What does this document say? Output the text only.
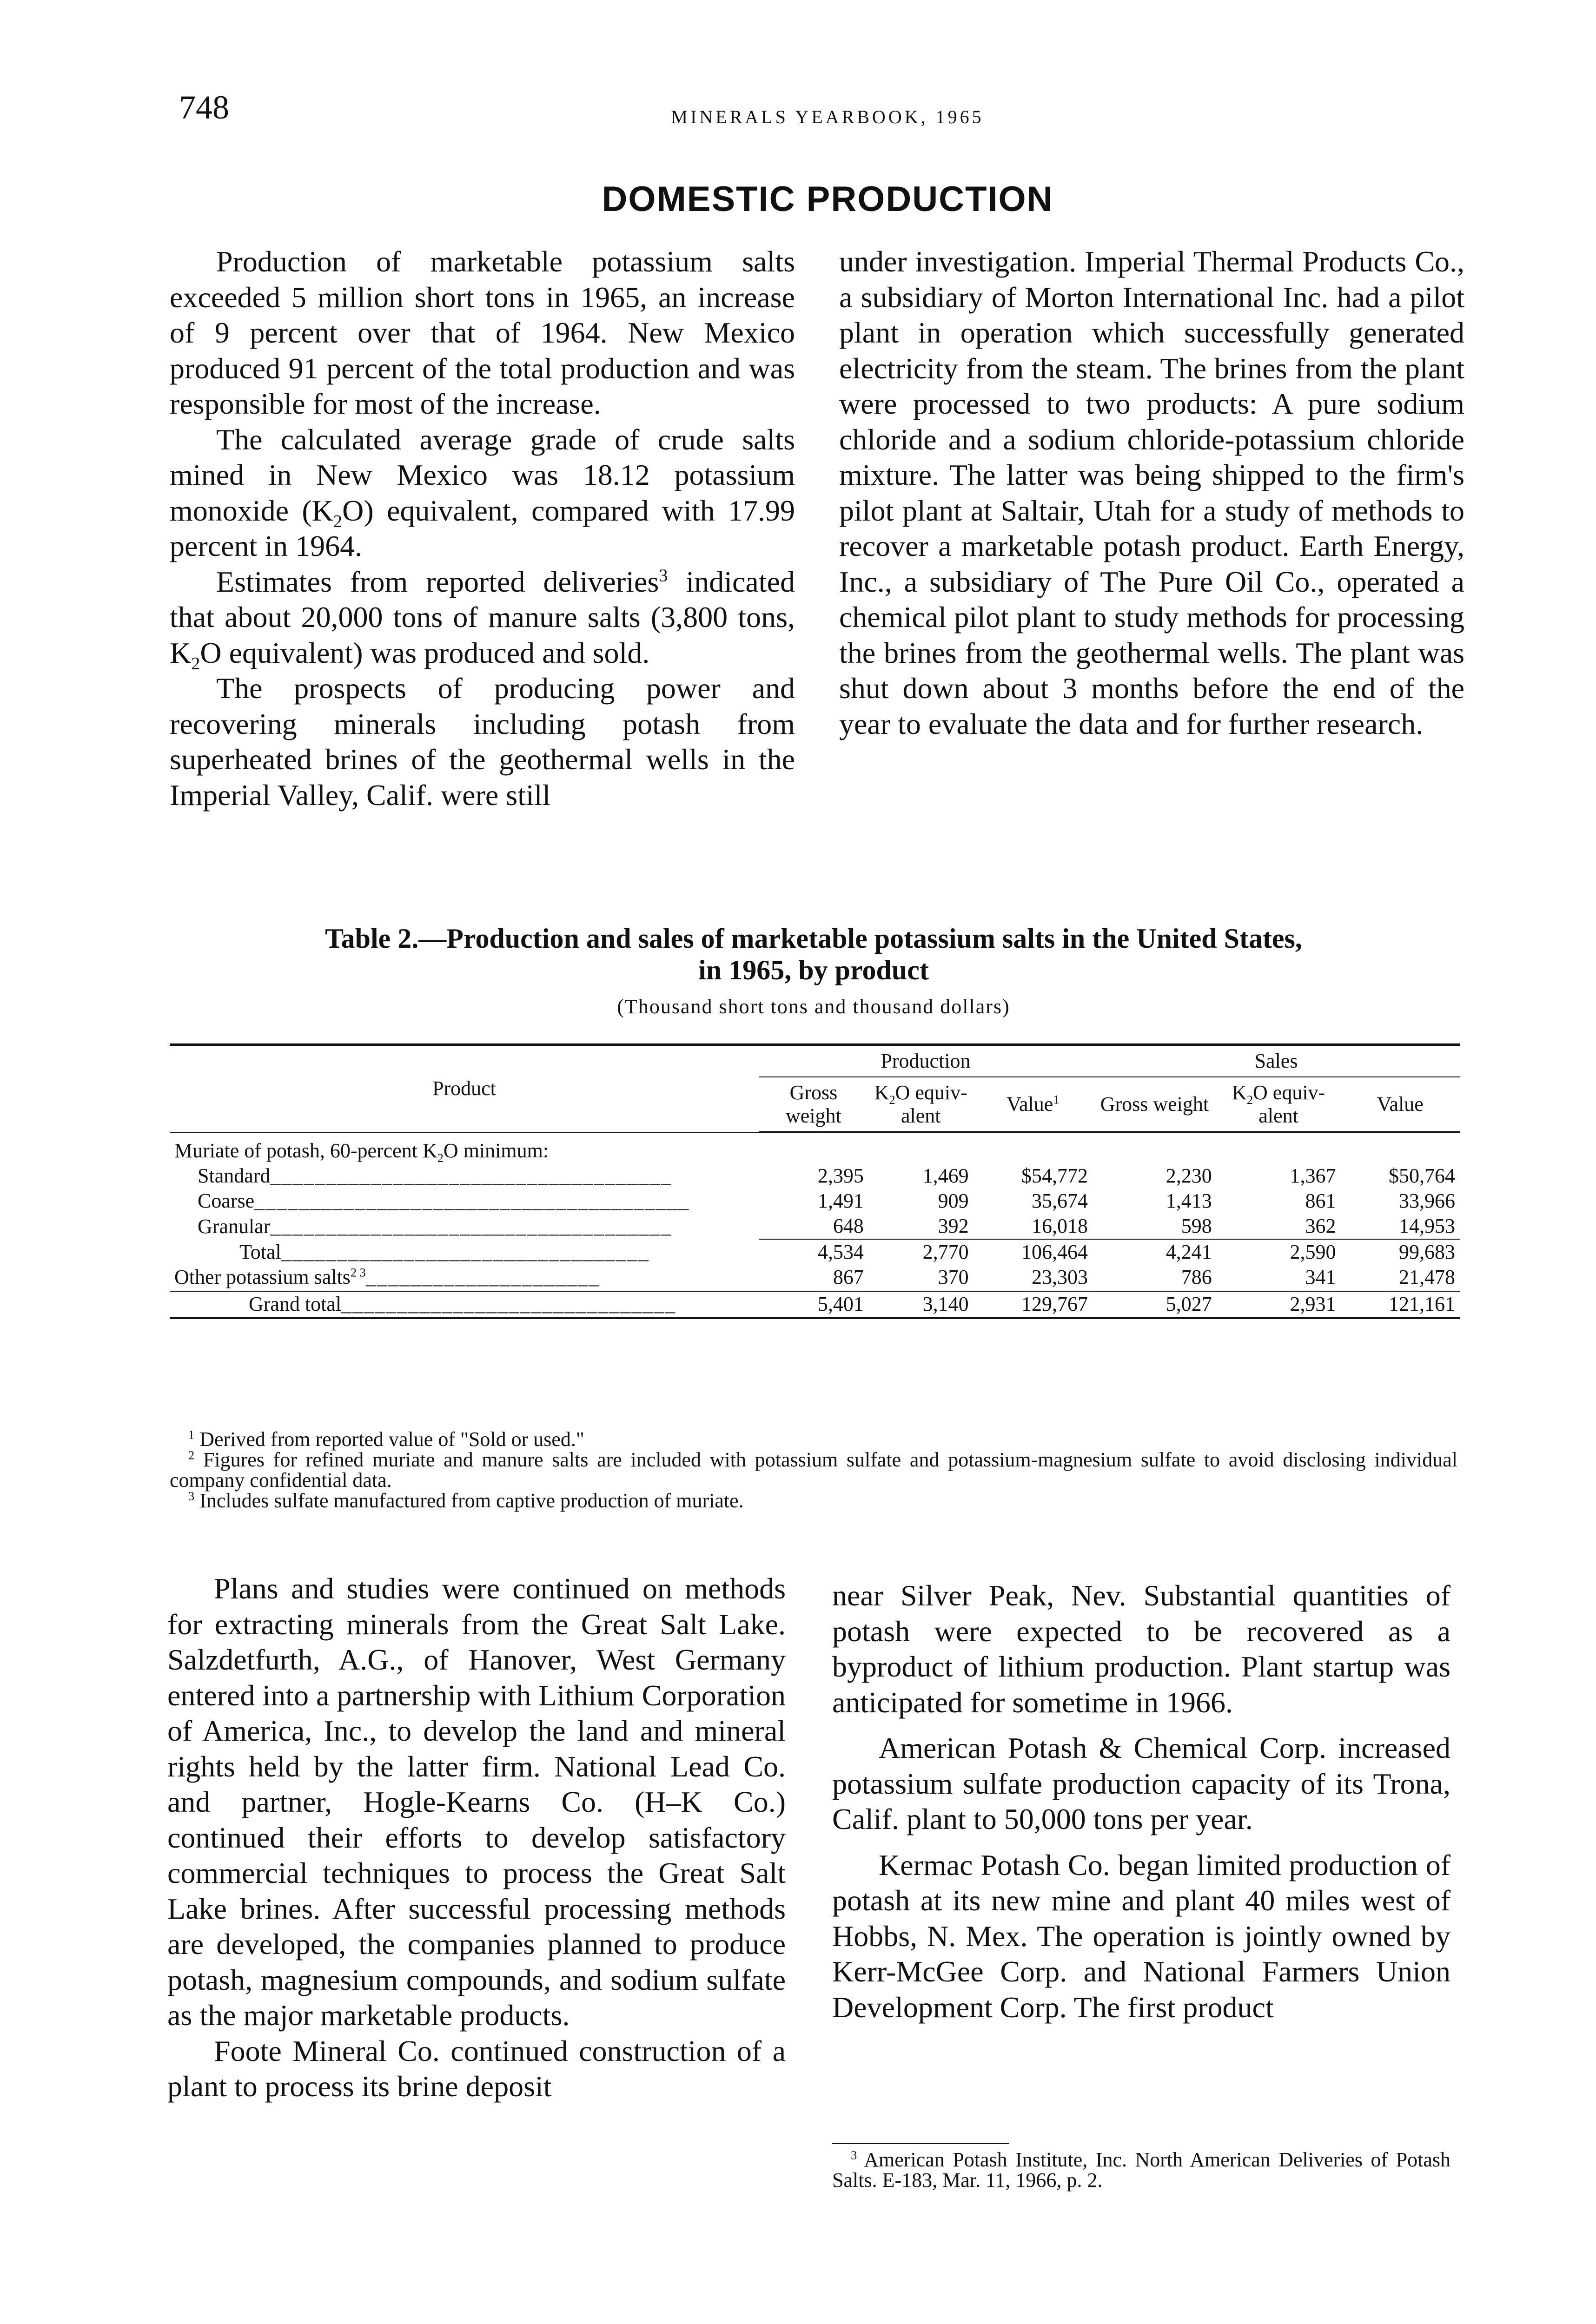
748	MINERALS YEARBOOK, 1965
DOMESTIC PRODUCTION

Production of marketable potassium salts exceeded 5 million short tons in 1965, an increase of 9 percent over that of 1964. New Mexico produced 91 percent of the total production and was responsible for most of the increase.

The calculated average grade of crude salts mined in New Mexico was 18.12 potassium monoxide $(K_2O)$ equivalent, compared with 17.99 percent in 1964.

Estimates from reported deliveries$^3$ indicated that about 20,000 tons of manure salts (3,800 tons, $K_2O$ equivalent) was produced and sold.

The prospects of producing power and recovering minerals including potash from superheated brines of the geothermal wells in the Imperial Valley, Calif. were still

under investigation. Imperial Thermal Products Co., a subsidiary of Morton International Inc. had a pilot plant in operation which successfully generated electricity from the steam. The brines from the plant were processed to two products: A pure sodium chloride and a sodium chloride-potassium chloride mixture. The latter was being shipped to the firm's pilot plant at Saltair, Utah for a study of methods to recover a marketable potash product. Earth Energy, Inc., a subsidiary of The Pure Oil Co., operated a chemical pilot plant to study methods for processing the brines from the geothermal wells. The plant was shut down about 3 months before the end of the year to evaluate the data and for further research.

Table 2.—Production and sales of marketable potassium salts in the United States,
in 1965, by product
(Thousand short tons and thousand dollars)
Product	Production			Sales		
	Gross weight	$K_2O$ equivalent	Value$^1$	Gross weight	$K_2O$ equivalent	Value
Muriate of potash, 60-percent $K_2O$ minimum:						
Standard____________________________________	2,395	1,469	$54,772	2,230	1,367	$50,764
Coarse_______________________________________	1,491	909	35,674	1,413	861	33,966
Granular____________________________________	648	392	16,018	598	362	14,953
Total_________________________________	4,534	2,770	106,464	4,241	2,590	99,683
Other potassium salts$^{2 3}$_____________________	867	370	23,303	786	341	21,478
Grand total______________________________	5,401	3,140	129,767	5,027	2,931	121,161

$^1$ Derived from reported value of "Sold or used."

$^2$ Figures for refined muriate and manure salts are included with potassium sulfate and potassium-magnesium sulfate to avoid disclosing individual company confidential data.

$^3$ Includes sulfate manufactured from captive production of muriate.

Plans and studies were continued on methods for extracting minerals from the Great Salt Lake. Salzdetfurth, A.G., of Hanover, West Germany entered into a partnership with Lithium Corporation of America, Inc., to develop the land and mineral rights held by the latter firm. National Lead Co. and partner, Hogle-Kearns Co. (H–K Co.) continued their efforts to develop satisfactory commercial techniques to process the Great Salt Lake brines. After successful processing methods are developed, the companies planned to produce potash, magnesium compounds, and sodium sulfate as the major marketable products.

Foote Mineral Co. continued construction of a plant to process its brine deposit

near Silver Peak, Nev. Substantial quantities of potash were expected to be recovered as a byproduct of lithium production. Plant startup was anticipated for sometime in 1966.

American Potash & Chemical Corp. increased potassium sulfate production capacity of its Trona, Calif. plant to 50,000 tons per year.

Kermac Potash Co. began limited production of potash at its new mine and plant 40 miles west of Hobbs, N. Mex. The operation is jointly owned by Kerr-McGee Corp. and National Farmers Union Development Corp. The first product

$^3$ American Potash Institute, Inc. North American Deliveries of Potash Salts. E-183, Mar. 11, 1966, p. 2.
